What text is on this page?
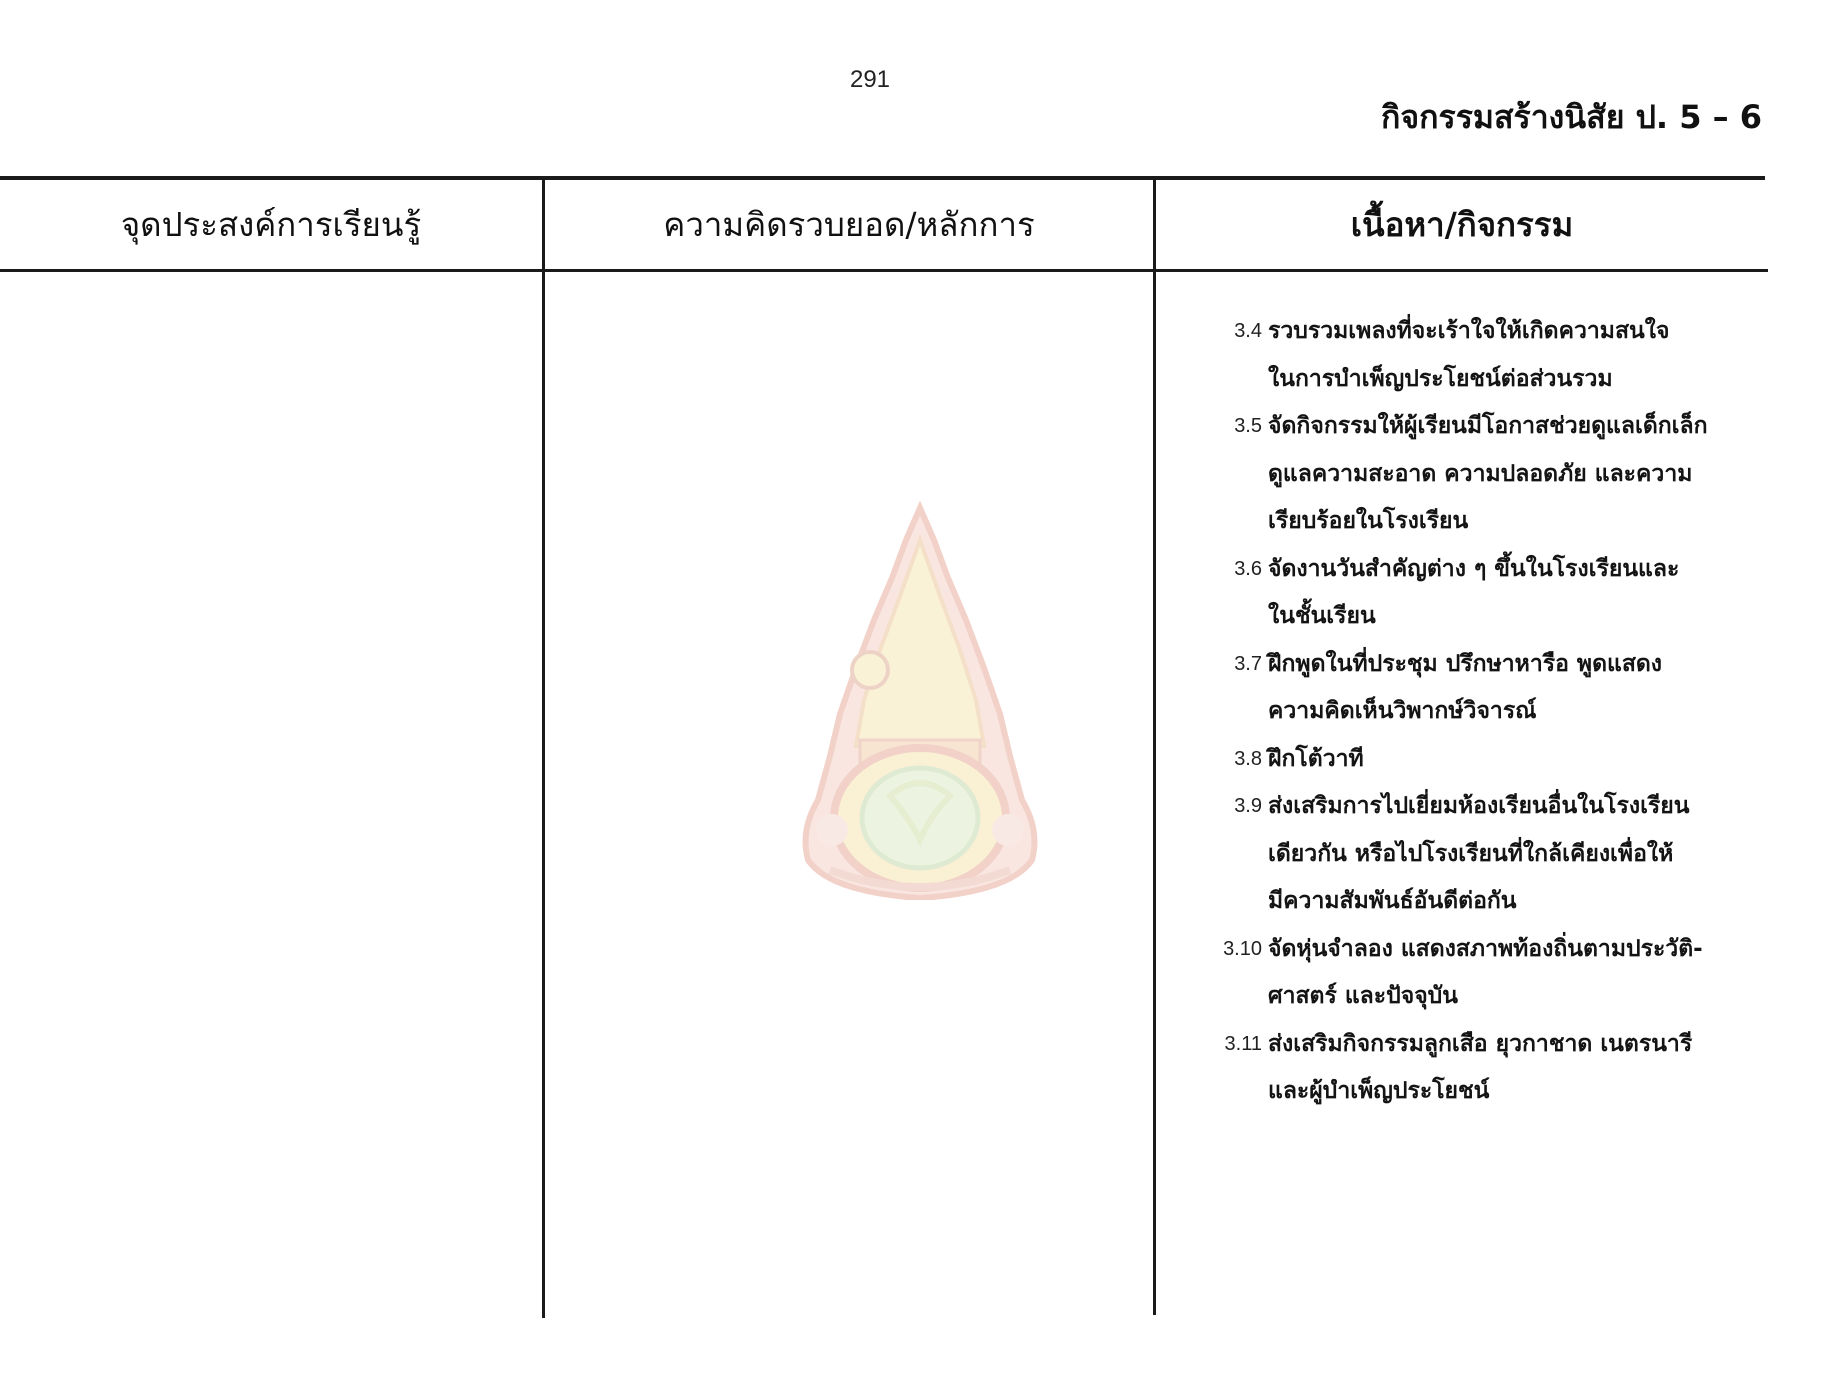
291
กิจกรรมสร้างนิสัย ป. 5 – 6
จุดประสงค์การเรียนรู้	ความคิดรวบยอด/หลักการ	เนื้อหา/กิจกรรม
3.4 รวบรวมเพลงที่จะเร้าใจให้เกิดความสนใจ
ในการบำเพ็ญประโยชน์ต่อส่วนรวม
3.5 จัดกิจกรรมให้ผู้เรียนมีโอกาสช่วยดูแลเด็กเล็ก
ดูแลความสะอาด ความปลอดภัย และความ
เรียบร้อยในโรงเรียน
3.6 จัดงานวันสำคัญต่าง ๆ ขึ้นในโรงเรียนและ
ในชั้นเรียน
3.7 ฝึกพูดในที่ประชุม ปรึกษาหารือ พูดแสดง
ความคิดเห็นวิพากษ์วิจารณ์
3.8 ฝึกโต้วาที
3.9 ส่งเสริมการไปเยี่ยมห้องเรียนอื่นในโรงเรียน
เดียวกัน หรือไปโรงเรียนที่ใกล้เคียงเพื่อให้
มีความสัมพันธ์อันดีต่อกัน
3.10 จัดหุ่นจำลอง แสดงสภาพท้องถิ่นตามประวัติ-
ศาสตร์ และปัจจุบัน
3.11 ส่งเสริมกิจกรรมลูกเสือ ยุวกาชาด เนตรนารี
และผู้บำเพ็ญประโยชน์
